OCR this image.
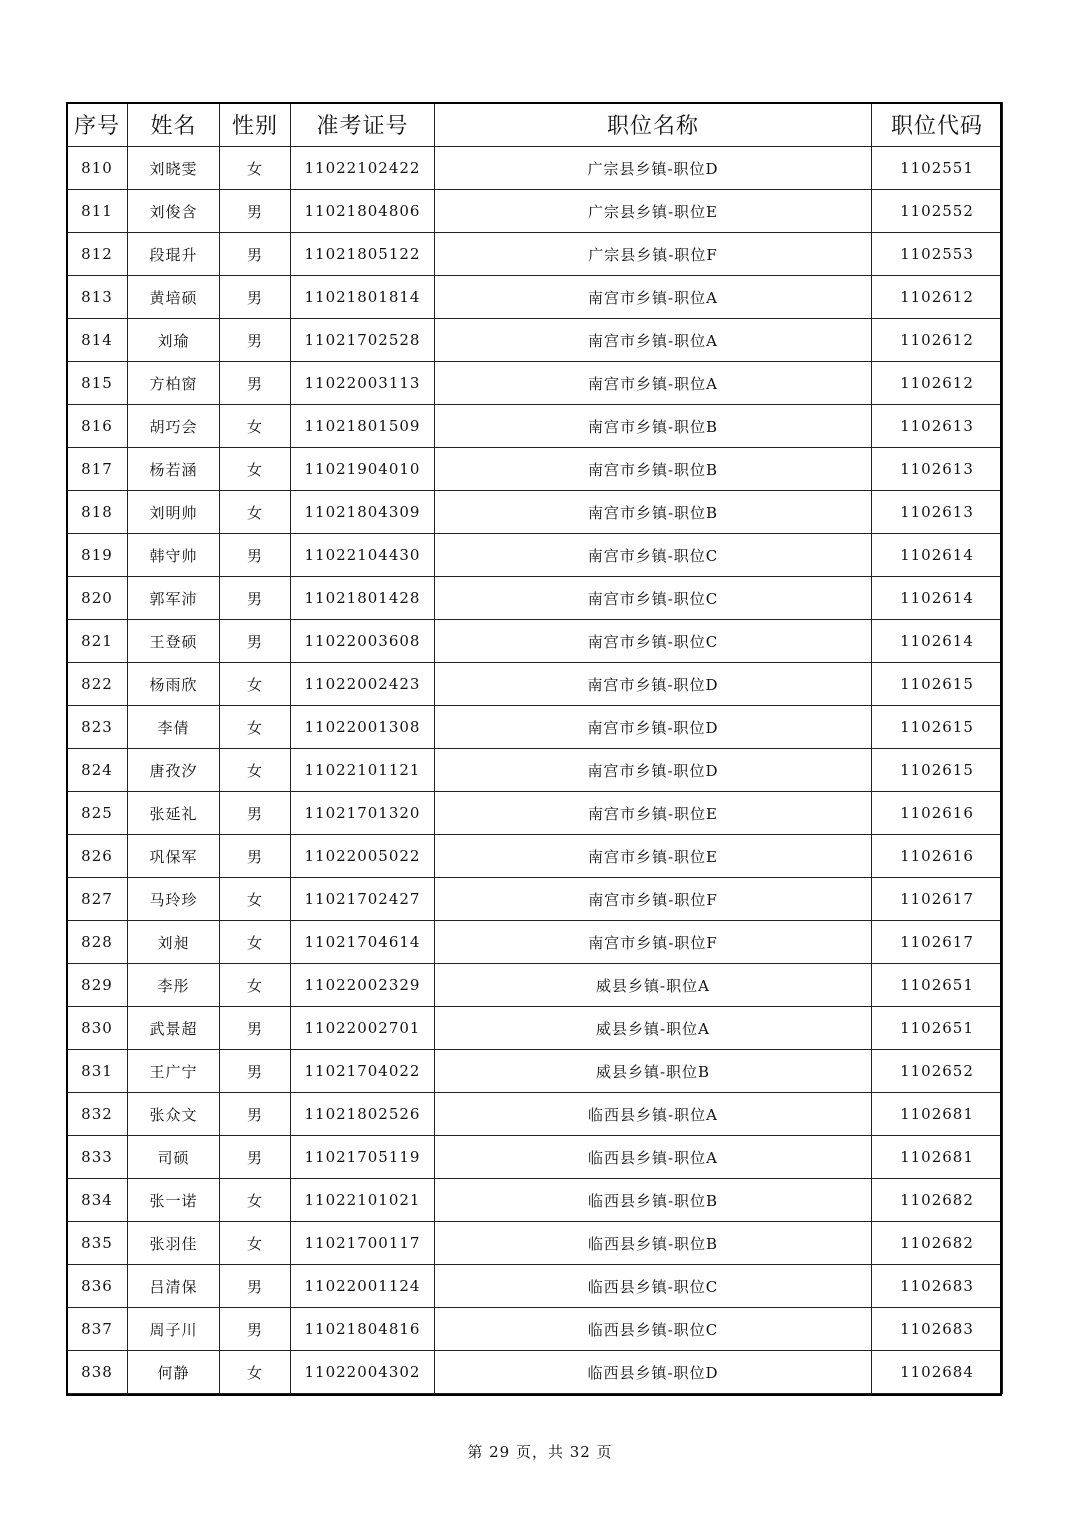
序号	姓名	性别	准考证号	职位名称	职位代码
810	刘晓雯	女	11022102422	广宗县乡镇-职位D	1102551
811	刘俊含	男	11021804806	广宗县乡镇-职位E	1102552
812	段琨升	男	11021805122	广宗县乡镇-职位F	1102553
813	黄培硕	男	11021801814	南宫市乡镇-职位A	1102612
814	刘瑜	男	11021702528	南宫市乡镇-职位A	1102612
815	方柏窗	男	11022003113	南宫市乡镇-职位A	1102612
816	胡巧会	女	11021801509	南宫市乡镇-职位B	1102613
817	杨若涵	女	11021904010	南宫市乡镇-职位B	1102613
818	刘明帅	女	11021804309	南宫市乡镇-职位B	1102613
819	韩守帅	男	11022104430	南宫市乡镇-职位C	1102614
820	郭军沛	男	11021801428	南宫市乡镇-职位C	1102614
821	王登硕	男	11022003608	南宫市乡镇-职位C	1102614
822	杨雨欣	女	11022002423	南宫市乡镇-职位D	1102615
823	李倩	女	11022001308	南宫市乡镇-职位D	1102615
824	唐孜汐	女	11022101121	南宫市乡镇-职位D	1102615
825	张延礼	男	11021701320	南宫市乡镇-职位E	1102616
826	巩保军	男	11022005022	南宫市乡镇-职位E	1102616
827	马玲珍	女	11021702427	南宫市乡镇-职位F	1102617
828	刘昶	女	11021704614	南宫市乡镇-职位F	1102617
829	李彤	女	11022002329	威县乡镇-职位A	1102651
830	武景超	男	11022002701	威县乡镇-职位A	1102651
831	王广宁	男	11021704022	威县乡镇-职位B	1102652
832	张众文	男	11021802526	临西县乡镇-职位A	1102681
833	司硕	男	11021705119	临西县乡镇-职位A	1102681
834	张一诺	女	11022101021	临西县乡镇-职位B	1102682
835	张羽佳	女	11021700117	临西县乡镇-职位B	1102682
836	吕清保	男	11022001124	临西县乡镇-职位C	1102683
837	周子川	男	11021804816	临西县乡镇-职位C	1102683
838	何静	女	11022004302	临西县乡镇-职位D	1102684
第 29 页，共 32 页
